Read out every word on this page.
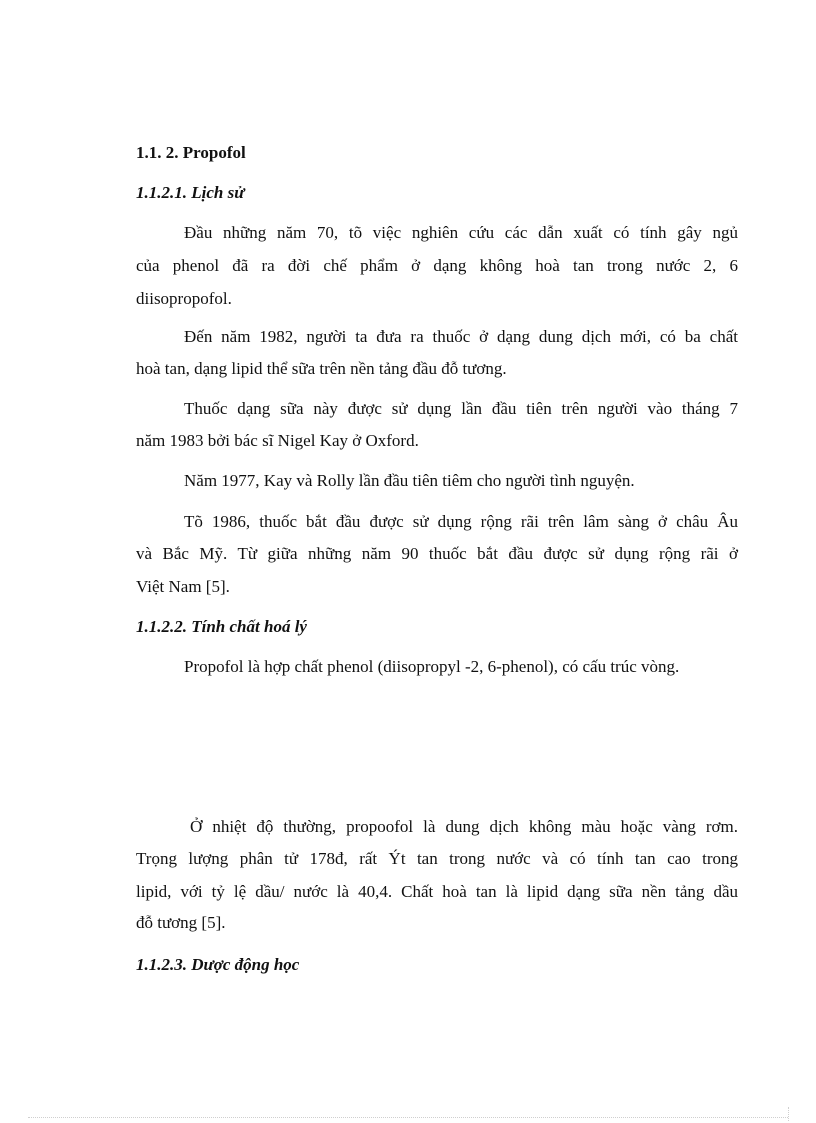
1.1. 2. Propofol
1.1.2.1. Lịch sử
Đầu những năm 70, tõ việc nghiên cứu các dẫn xuất có tính gây ngủ
của phenol đã ra đời chế phẩm ở dạng không hoà tan trong nước 2, 6
diisopropofol.
Đến năm 1982, người ta đưa ra thuốc ở dạng dung dịch mới, có ba chất
hoà tan, dạng lipid thể sữa trên nền tảng đầu đỗ tương.
Thuốc dạng sữa này được sử dụng lần đầu tiên trên người vào tháng 7
năm 1983 bởi bác sĩ Nigel Kay ở Oxford.
Năm 1977, Kay và Rolly lần đầu tiên tiêm cho người tình nguyện.
Tõ 1986, thuốc bắt đầu được sử dụng rộng rãi trên lâm sàng ở châu Âu
và Bắc Mỹ. Từ giữa những năm 90 thuốc bắt đầu được sử dụng rộng rãi ở
Việt Nam [5].
1.1.2.2. Tính chất hoá lý
Propofol là hợp chất phenol (diisopropyl -2, 6-phenol), có cấu trúc vòng.
Ở nhiệt độ thường, propoofol là dung dịch không màu hoặc vàng rơm.
Trọng lượng phân tử 178đ, rất Ýt tan trong nước và có tính tan cao trong
lipid, với tỷ lệ dầu/ nước là 40,4. Chất hoà tan là lipid dạng sữa nền tảng dầu
đỗ tương [5].
1.1.2.3. Dược động học
